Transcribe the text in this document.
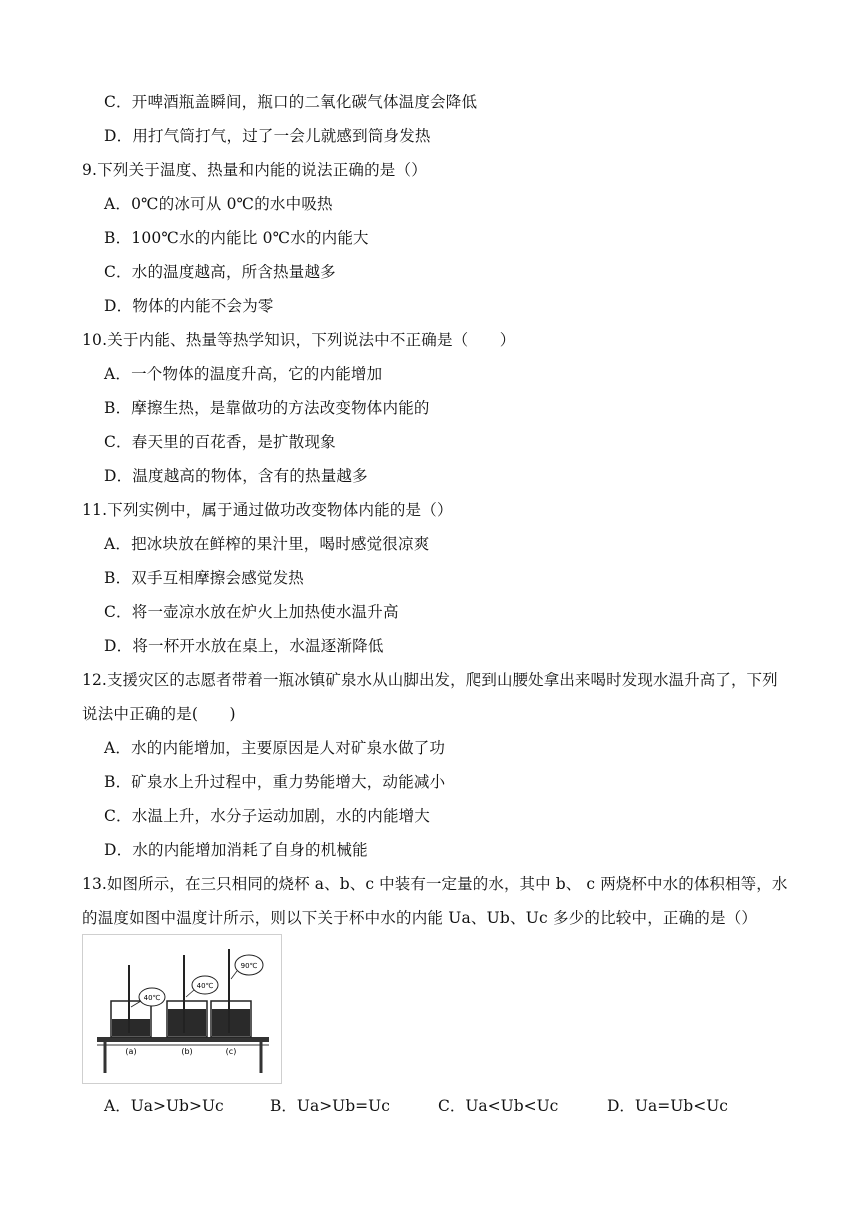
C．开啤酒瓶盖瞬间，瓶口的二氧化碳气体温度会降低
D．用打气筒打气，过了一会儿就感到筒身发热
9.下列关于温度、热量和内能的说法正确的是（）
A．0℃的冰可从 0℃的水中吸热
B．100℃水的内能比 0℃水的内能大
C．水的温度越高，所含热量越多
D．物体的内能不会为零
10.关于内能、热量等热学知识，下列说法中不正确是（　　）
A．一个物体的温度升高，它的内能增加
B．摩擦生热，是靠做功的方法改变物体内能的
C．春天里的百花香，是扩散现象
D．温度越高的物体，含有的热量越多
11.下列实例中，属于通过做功改变物体内能的是（）
A．把冰块放在鲜榨的果汁里，喝时感觉很凉爽
B．双手互相摩擦会感觉发热
C．将一壶凉水放在炉火上加热使水温升高
D．将一杯开水放在桌上，水温逐渐降低
12.支援灾区的志愿者带着一瓶冰镇矿泉水从山脚出发，爬到山腰处拿出来喝时发现水温升高了，下列
说法中正确的是(　　)
A．水的内能增加，主要原因是人对矿泉水做了功
B．矿泉水上升过程中，重力势能增大，动能减小
C．水温上升，水分子运动加剧，水的内能增大
D．水的内能增加消耗了自身的机械能
13.如图所示，在三只相同的烧杯 a、b、c 中装有一定量的水，其中 b、 c 两烧杯中水的体积相等，水
的温度如图中温度计所示，则以下关于杯中水的内能 Ua、Ub、Uc 多少的比较中，正确的是（）
40℃
40℃
90℃
(a)	(b)	(c)
A．Ua>Ub>Uc	B．Ua>Ub=Uc	C．Ua<Ub<Uc	D．Ua=Ub<Uc
